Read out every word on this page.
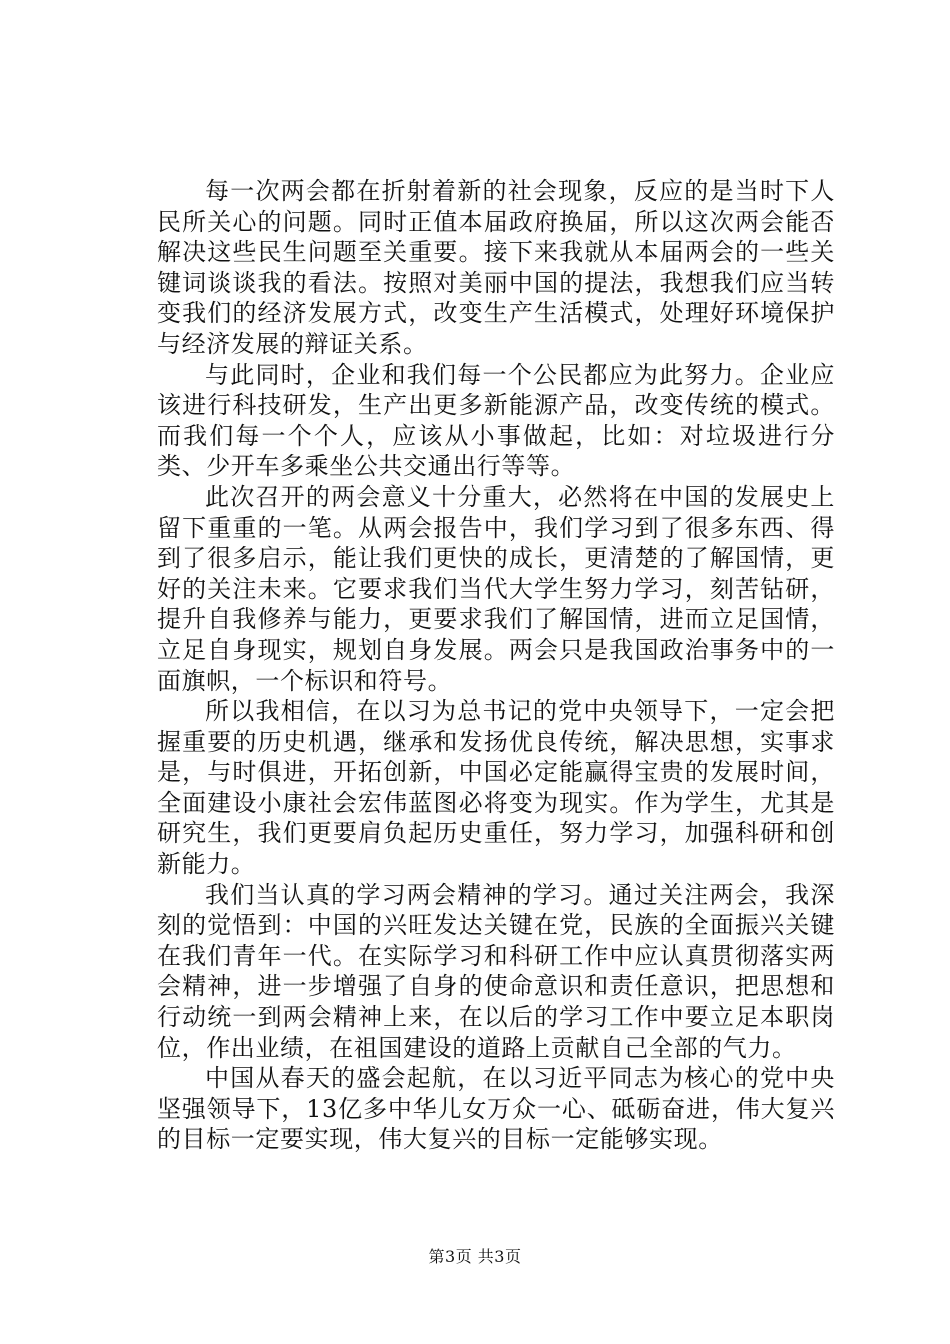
每一次两会都在折射着新的社会现象，反应的是当时下人民所关心的问题。同时正值本届政府换届，所以这次两会能否解决这些民生问题至关重要。接下来我就从本届两会的一些关键词谈谈我的看法。按照对美丽中国的提法，我想我们应当转变我们的经济发展方式，改变生产生活模式，处理好环境保护与经济发展的辩证关系。

与此同时，企业和我们每一个公民都应为此努力。企业应该进行科技研发，生产出更多新能源产品，改变传统的模式。而我们每一个个人，应该从小事做起，比如：对垃圾进行分类、少开车多乘坐公共交通出行等等。

此次召开的两会意义十分重大，必然将在中国的发展史上留下重重的一笔。从两会报告中，我们学习到了很多东西、得到了很多启示，能让我们更快的成长，更清楚的了解国情，更好的关注未来。它要求我们当代大学生努力学习，刻苦钻研，提升自我修养与能力，更要求我们了解国情，进而立足国情，立足自身现实，规划自身发展。两会只是我国政治事务中的一面旗帜，一个标识和符号。

所以我相信，在以习为总书记的党中央领导下，一定会把握重要的历史机遇，继承和发扬优良传统，解决思想，实事求是，与时俱进，开拓创新，中国必定能赢得宝贵的发展时间，全面建设小康社会宏伟蓝图必将变为现实。作为学生，尤其是研究生，我们更要肩负起历史重任，努力学习，加强科研和创新能力。

我们当认真的学习两会精神的学习。通过关注两会，我深刻的觉悟到：中国的兴旺发达关键在党，民族的全面振兴关键在我们青年一代。在实际学习和科研工作中应认真贯彻落实两会精神，进一步增强了自身的使命意识和责任意识，把思想和行动统一到两会精神上来，在以后的学习工作中要立足本职岗位，作出业绩，在祖国建设的道路上贡献自己全部的气力。

中国从春天的盛会起航，在以习近平同志为核心的党中央坚强领导下，13亿多中华儿女万众一心、砥砺奋进，伟大复兴的目标一定要实现，伟大复兴的目标一定能够实现。

第3页 共3页
